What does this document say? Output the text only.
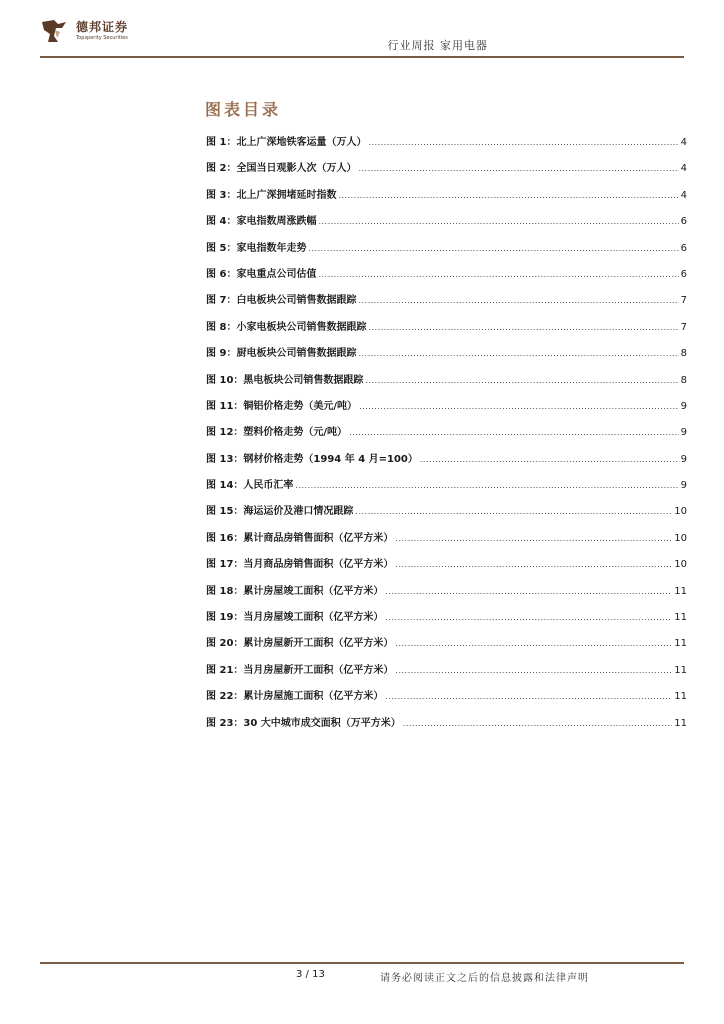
德邦证券
Topsperity Securities
行业周报 家用电器
图表目录
图 1：北上广深地铁客运量（万人） .....	4
图 2：全国当日观影人次（万人） .....	4
图 3：北上广深拥堵延时指数 .....	4
图 4：家电指数周涨跌幅 .....	6
图 5：家电指数年走势 .....	6
图 6：家电重点公司估值 .....	6
图 7：白电板块公司销售数据跟踪 .....	7
图 8：小家电板块公司销售数据跟踪 .....	7
图 9：厨电板块公司销售数据跟踪 .....	8
图 10：黑电板块公司销售数据跟踪 .....	8
图 11：铜铝价格走势（美元/吨） .....	9
图 12：塑料价格走势（元/吨） .....	9
图 13：钢材价格走势（1994 年 4 月=100） .....	9
图 14：人民币汇率 .....	9
图 15：海运运价及港口情况跟踪 .....	10
图 16：累计商品房销售面积（亿平方米） .....	10
图 17：当月商品房销售面积（亿平方米） .....	10
图 18：累计房屋竣工面积（亿平方米） .....	11
图 19：当月房屋竣工面积（亿平方米） .....	11
图 20：累计房屋新开工面积（亿平方米） .....	11
图 21：当月房屋新开工面积（亿平方米） .....	11
图 22：累计房屋施工面积（亿平方米） .....	11
图 23：30 大中城市成交面积（万平方米） .....	11
3 / 13	请务必阅读正文之后的信息披露和法律声明
